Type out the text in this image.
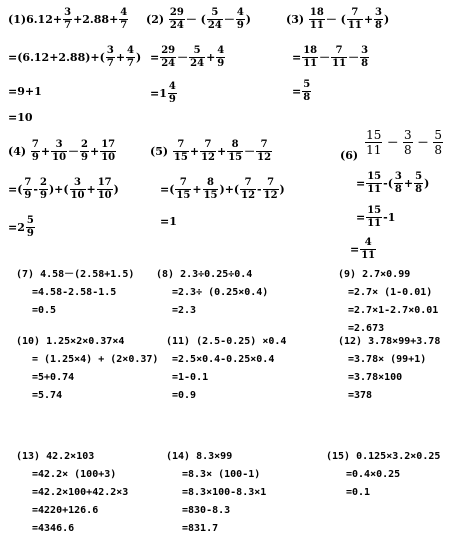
(1) 6.12+
3
7 +2.88+
4
7
=(6.12+2.88)+(
3
7 +
4
7 )
=9+1
=10
(2)

29
24 － (
5
24 －
4
9 )
=
29
24 －
5
24 +
4
9
=1
4
9
(3)

18
11 － (
7
11 +
3
8 )
=
18
11 －
7
11 －
3
8
=
5
8
(4)

7
9 +
3
10 －
2
9 +
17
10
=(
7
9 -
2
9 )+(
3
10 +
17
10 )
=2
5
9
(5)

7
15 +
7
12 +
8
15 －
7
12
=(
7
15 +
8
15 )+(
7
12 -
7
12 )
=1
(6)
15
11

－

3
8

－

5
8
=
15
11 -(
3
8 +
5
8 )
=
15
11 -1
=
4
11
(7) 4.58－(2.58+1.5)
=4.58-2.58-1.5
=0.5
(8) 2.3÷0.25÷0.4
=2.3÷ (0.25×0.4)
=2.3
(9) 2.7×0.99
=2.7× (1-0.01)
=2.7×1-2.7×0.01
=2.673
(10) 1.25×2×0.37×4
= (1.25×4) + (2×0.37)
=5+0.74
=5.74
(11) (2.5-0.25) ×0.4
=2.5×0.4-0.25×0.4
=1-0.1
=0.9
(12) 3.78×99+3.78
=3.78× (99+1)
=3.78×100
=378
(13) 42.2×103
=42.2× (100+3)
=42.2×100+42.2×3
=4220+126.6
=4346.6
(14) 8.3×99
=8.3× (100-1)
=8.3×100-8.3×1
=830-8.3
=831.7
(15) 0.125×3.2×0.25
=0.4×0.25
=0.1
